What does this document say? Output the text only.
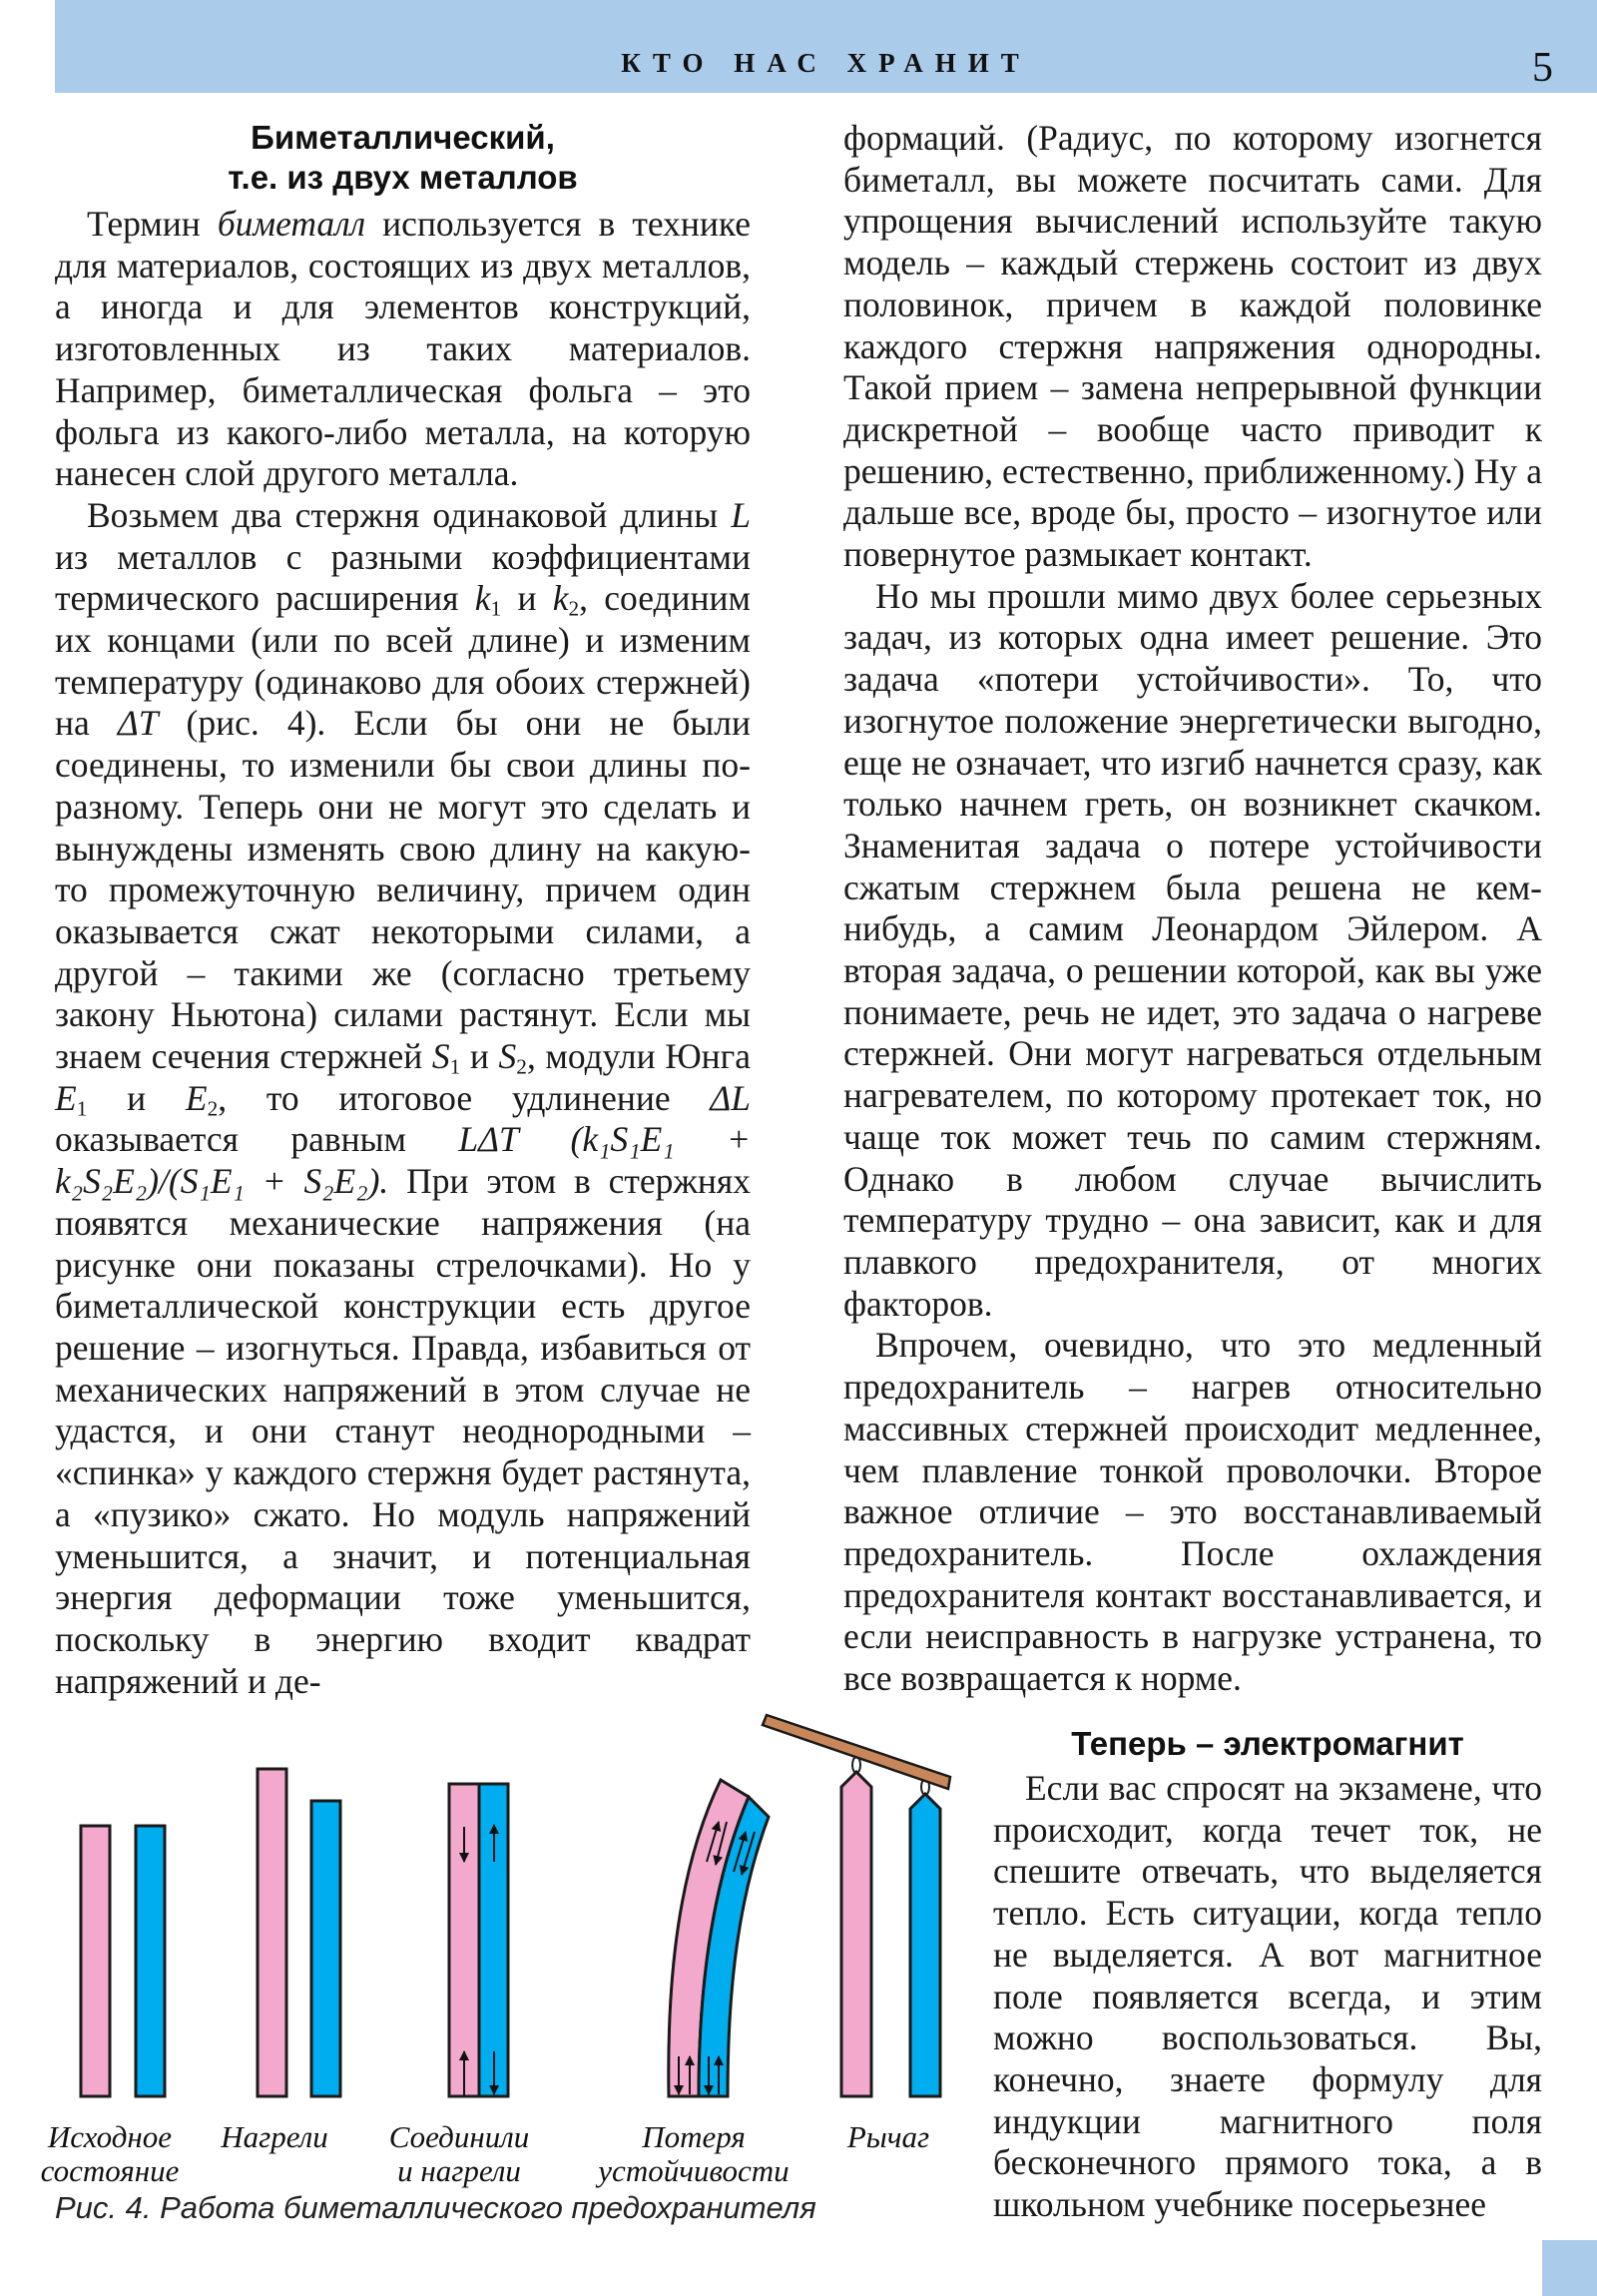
КТО НАС ХРАНИТ	5
Биметаллический,
т.е. из двух металлов

Термин биметалл используется в технике для материалов, состоящих из двух металлов, а иногда и для элементов конструкций, изготовленных из таких материалов. Например, биметаллическая фольга – это фольга из какого-либо металла, на которую нанесен слой другого металла.

Возьмем два стержня одинаковой длины L из металлов с разными коэффициентами термического расширения $k_1$ и $k_2$, соединим их концами (или по всей длине) и изменим температуру (одинаково для обоих стержней) на ΔT (рис. 4). Если бы они не были соединены, то изменили бы свои длины по-разному. Теперь они не могут это сделать и вынуждены изменять свою длину на какую-то промежуточную величину, причем один оказывается сжат некоторыми силами, а другой – такими же (согласно третьему закону Ньютона) силами растянут. Если мы знаем сечения стержней $S_1$ и $S_2$, модули Юнга $E_1$ и $E_2$, то итоговое удлинение ΔL оказывается равным LΔT (k₁S₁E₁ + k₂S₂E₂)/(S₁E₁ + S₂E₂). При этом в стержнях появятся механические напряжения (на рисунке они показаны стрелочками). Но у биметаллической конструкции есть другое решение – изогнуться. Правда, избавиться от механических напряжений в этом случае не удастся, и они станут неоднородными – «спинка» у каждого стержня будет растянута, а «пузико» сжато. Но модуль напряжений уменьшится, а значит, и потенциальная энергия деформации тоже уменьшится, поскольку в энергию входит квадрат напряжений и де-

формаций. (Радиус, по которому изогнется биметалл, вы можете посчитать сами. Для упрощения вычислений используйте такую модель – каждый стержень состоит из двух половинок, причем в каждой половинке каждого стержня напряжения однородны. Такой прием – замена непрерывной функции дискретной – вообще часто приводит к решению, естественно, приближенному.) Ну а дальше все, вроде бы, просто – изогнутое или повернутое размыкает контакт.

Но мы прошли мимо двух более серьезных задач, из которых одна имеет решение. Это задача «потери устойчивости». То, что изогнутое положение энергетически выгодно, еще не означает, что изгиб начнется сразу, как только начнем греть, он возникнет скачком. Знаменитая задача о потере устойчивости сжатым стержнем была решена не кем-нибудь, а самим Леонардом Эйлером. А вторая задача, о решении которой, как вы уже понимаете, речь не идет, это задача о нагреве стержней. Они могут нагреваться отдельным нагревателем, по которому протекает ток, но чаще ток может течь по самим стержням. Однако в любом случае вычислить температуру трудно – она зависит, как и для плавкого предохранителя, от многих факторов.

Впрочем, очевидно, что это медленный предохранитель – нагрев относительно массивных стержней происходит медленнее, чем плавление тонкой проволочки. Второе важное отличие – это восстанавливаемый предохранитель. После охлаждения предохранителя контакт восстанавливается, и если неисправность в нагрузке устранена, то все возвращается к норме.

Теперь – электромагнит

Если вас спросят на экзамене, что происходит, когда течет ток, не спешите отвечать, что выделяется тепло. Есть ситуации, когда тепло не выделяется. А вот магнитное поле появляется всегда, и этим можно воспользоваться. Вы, конечно, знаете формулу для индукции магнитного поля бесконечного прямого тока, а в школьном учебнике посерьезнее

Исходное
состояние
Нагрели	Соединили
и нагрели
Потеря
устойчивости
Рычаг
Рис. 4. Работа биметаллического предохранителя
